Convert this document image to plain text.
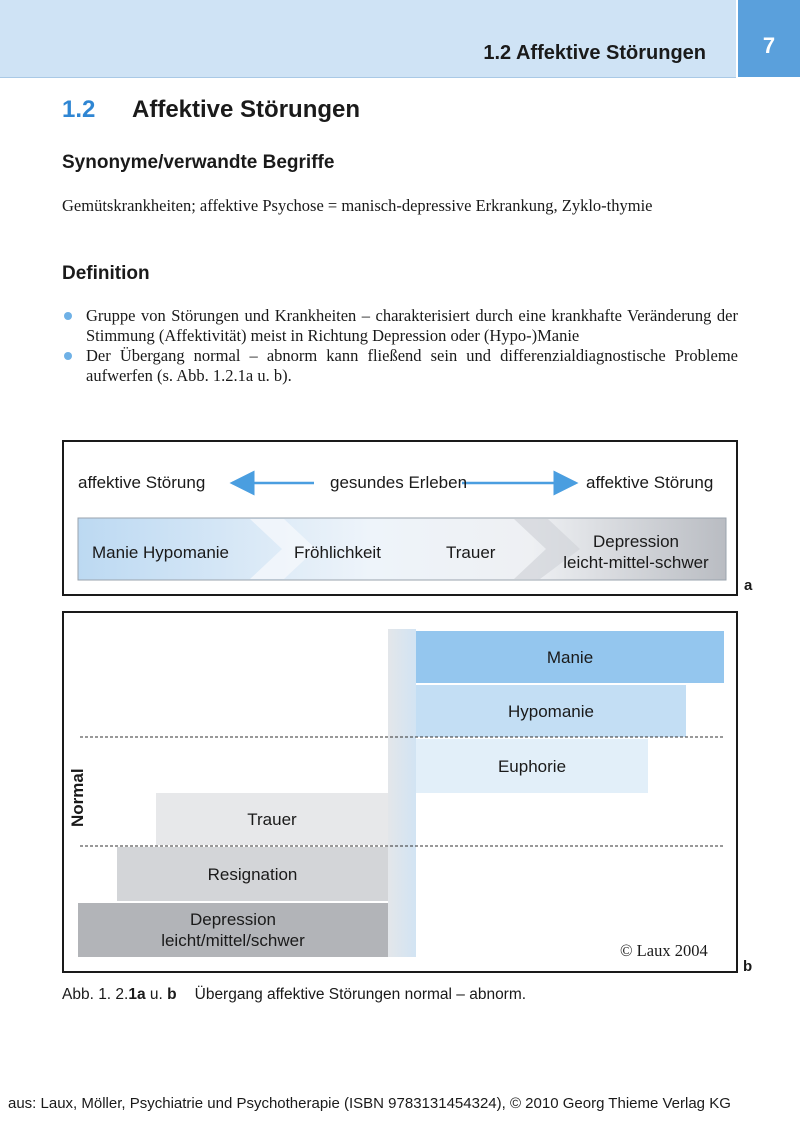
1.2 Affektive Störungen	7
1.2 Affektive Störungen
Synonyme/verwandte Begriffe
Gemütskrankheiten; affektive Psychose = manisch-depressive Erkrankung, Zyklo-thymie
Definition
Gruppe von Störungen und Krankheiten – charakterisiert durch eine krankhafte Veränderung der Stimmung (Affektivität) meist in Richtung Depression oder (Hypo-)Manie
Der Übergang normal – abnorm kann fließend sein und differenzialdiagnostische Probleme aufwerfen (s. Abb. 1.2.1a u. b).
affektive Störung	gesundes Erleben	affektive Störung
Manie Hypomanie	Fröhlichkeit	Trauer
Depression
leicht-mittel-schwer
a
Normal
Manie
Hypomanie
Euphorie
Trauer
Resignation
Depression
leicht/mittel/schwer
© Laux 2004
b
Abb. 1. 2.1a u. b Übergang affektive Störungen normal – abnorm.
aus: Laux, Möller, Psychiatrie und Psychotherapie (ISBN 9783131454324), © 2010 Georg Thieme Verlag KG
